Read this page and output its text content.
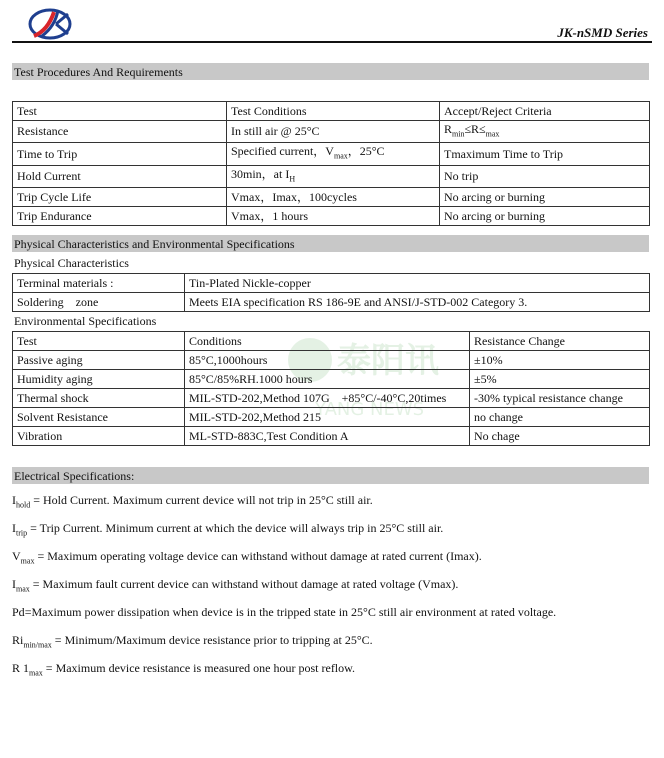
JK-nSMD Series
泰阳讯
YANG NEWS
Test Procedures And Requirements
Test	Test Conditions	Accept/Reject Criteria
Resistance	In still air @ 25°C	$R_{min}\le R\le_{max}$
Time to Trip	Specified current，$V_{max}$，25°C	Tmaximum Time to Trip
Hold Current	30min，at $I_H$	No trip
Trip Cycle Life	Vmax，Imax，100cycles	No arcing or burning
Trip Endurance	Vmax，1 hours	No arcing or burning
Physical Characteristics and Environmental Specifications
Physical Characteristics
Terminal materials :	Tin-Plated Nickle-copper
Soldering　zone	Meets EIA specification RS 186-9E and ANSI/J-STD-002 Category 3.
Environmental Specifications
Test	Conditions	Resistance Change
Passive aging	85°C,1000hours	±10%
Humidity aging	85°C/85%RH.1000 hours	±5%
Thermal shock	MIL-STD-202,Method 107G　+85°C/-40°C,20times	-30% typical resistance change
Solvent Resistance	MIL-STD-202,Method 215	no change
Vibration	ML-STD-883C,Test Condition A	No chage
Electrical Specifications:
$I_{hold}$ = Hold Current. Maximum current device will not trip in 25°C still air.
$I_{trip}$ = Trip Current. Minimum current at which the device will always trip in 25°C still air.
$V_{max}$ = Maximum operating voltage device can withstand without damage at rated current (Imax).
$I_{max}$ = Maximum fault current device can withstand without damage at rated voltage (Vmax).
Pd=Maximum power dissipation when device is in the tripped state in 25°C still air environment at rated voltage.
$Ri_{min/max}$ = Minimum/Maximum device resistance prior to tripping at 25°C.
R $1_{max}$ = Maximum device resistance is measured one hour post reflow.
